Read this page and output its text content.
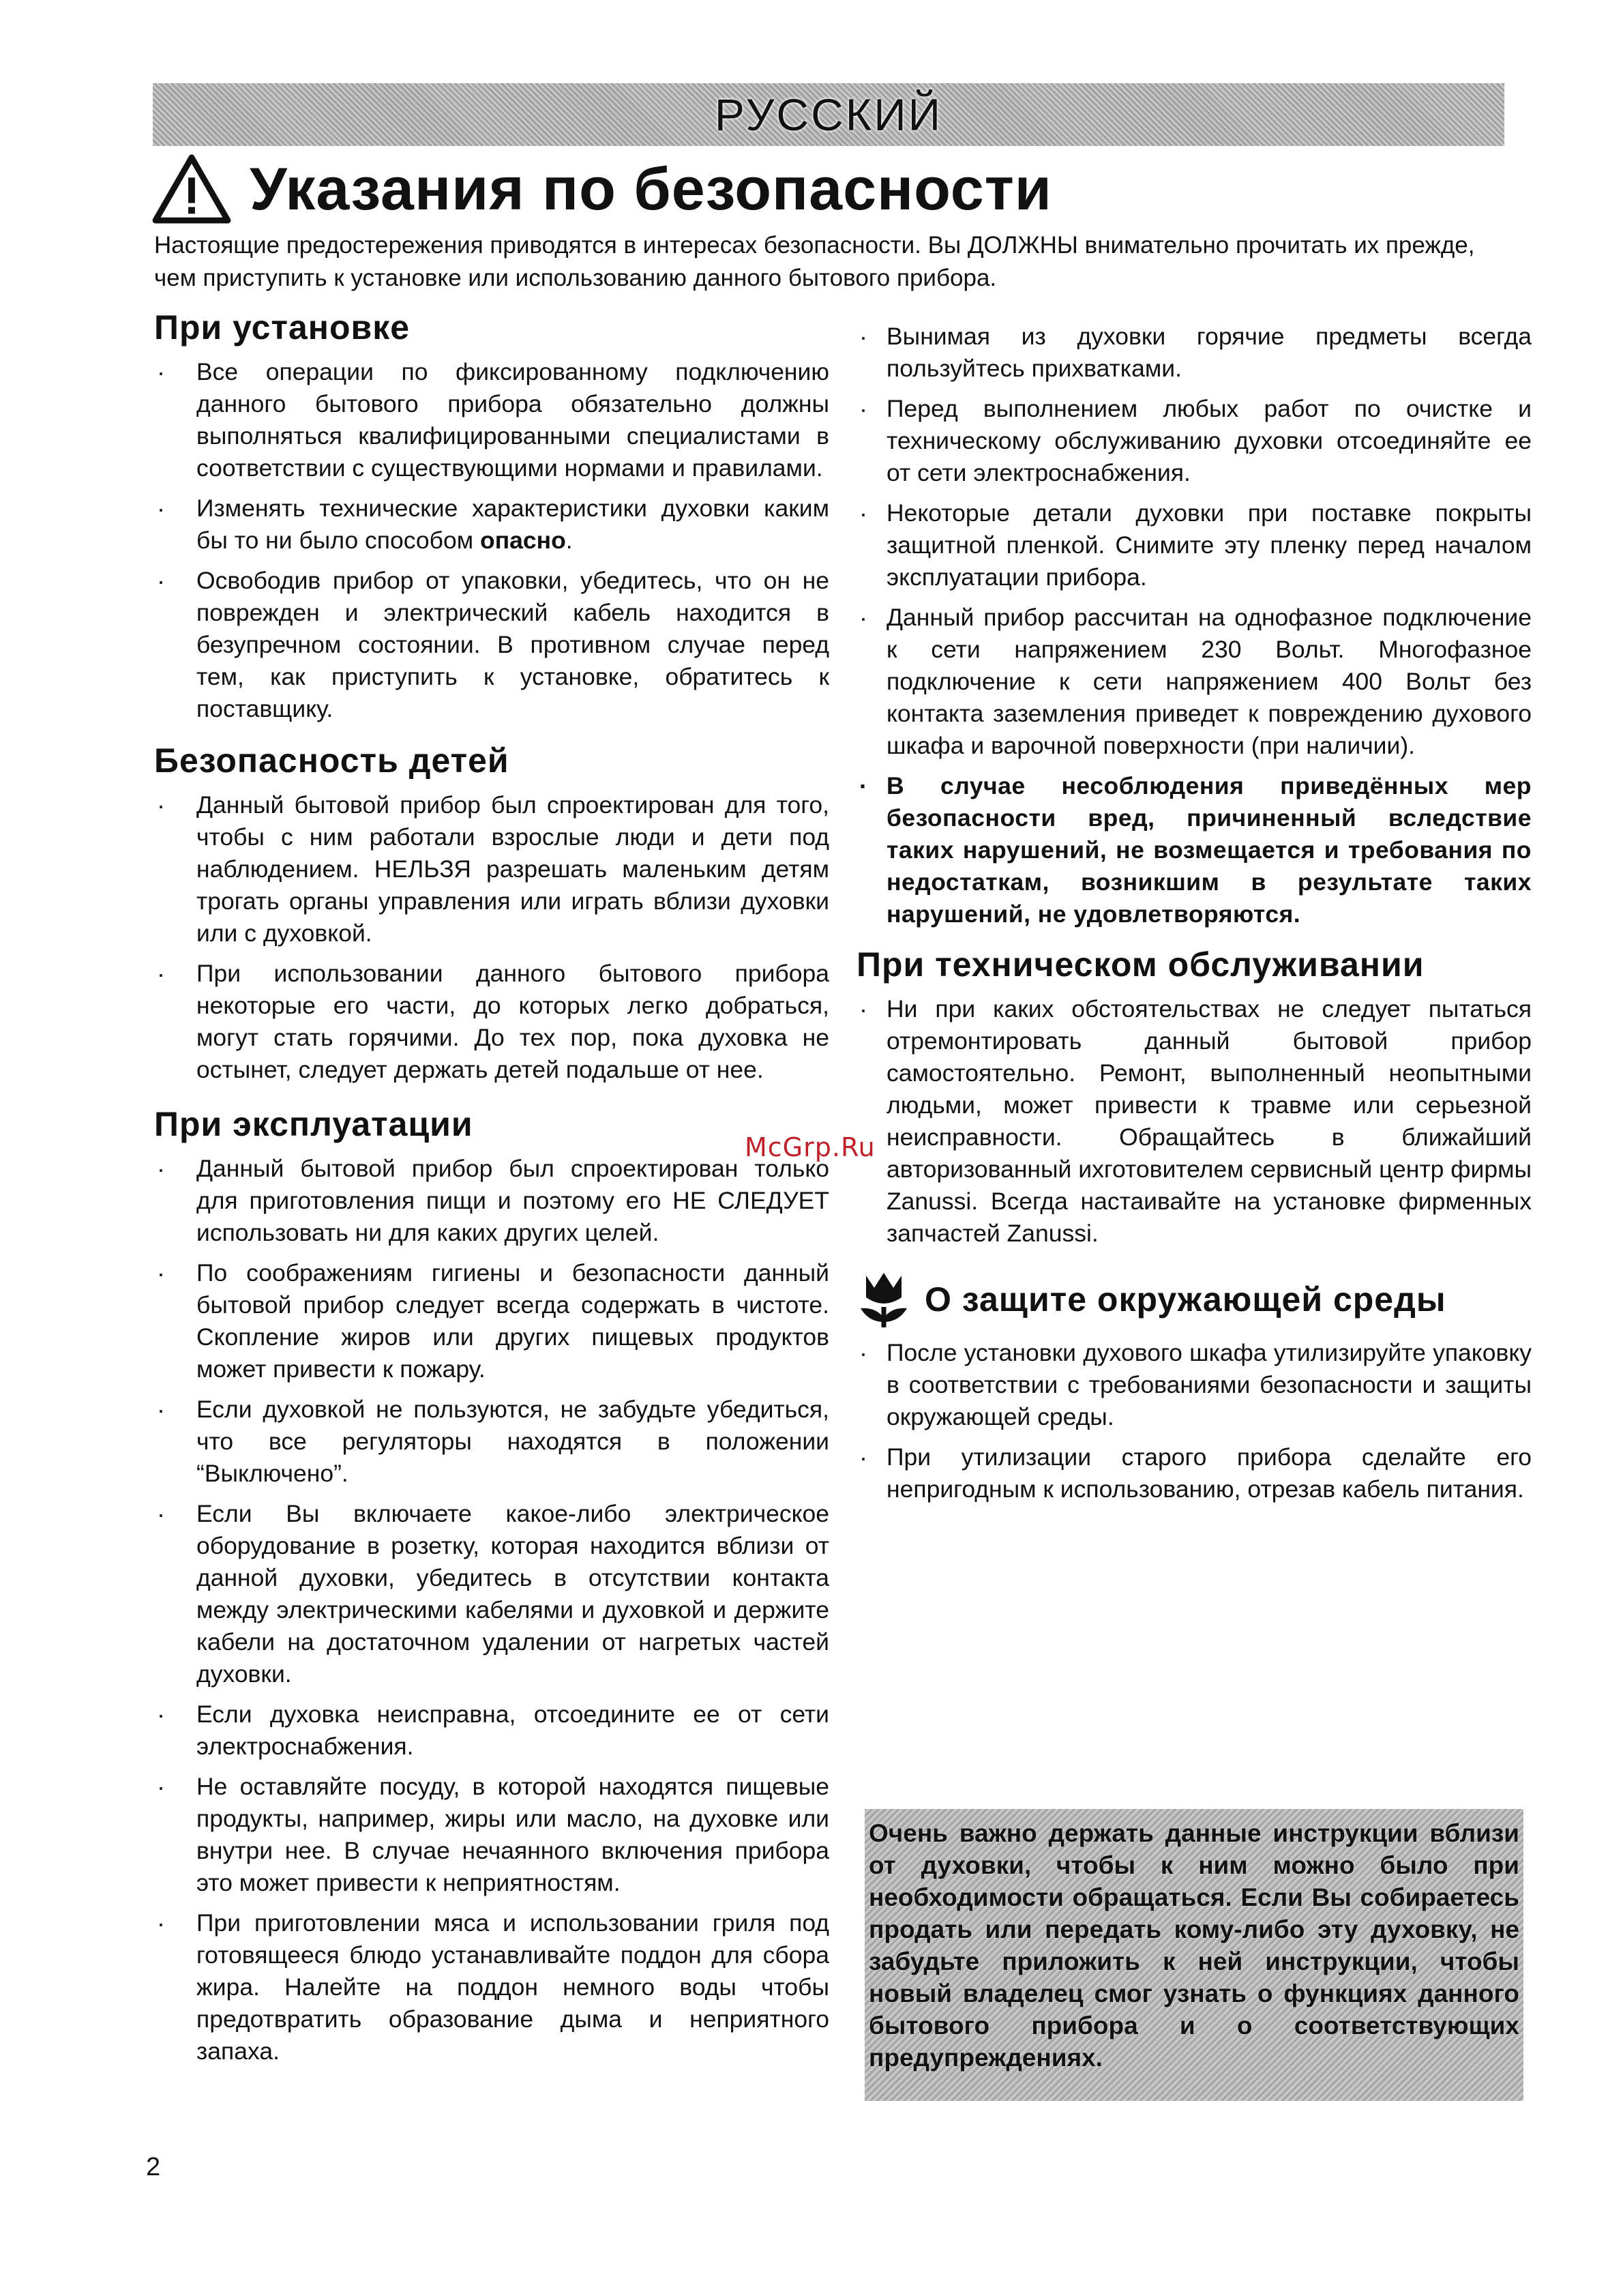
РУССКИЙ
Указания по безопасности

Настоящие предостережения приводятся в интересах безопасности. Вы ДОЛЖНЫ внимательно прочитать их прежде, чем приступить к установке или использованию данного бытового прибора.

При установке
· Все операции по фиксированному подключению данного бытового прибора обязательно должны выполняться квалифицированными специалистами в соответствии с существующими нормами и правилами.
· Изменять технические характеристики духовки каким бы то ни было способом опасно.
· Освободив прибор от упаковки, убедитесь, что он не поврежден и электрический кабель находится в безупречном состоянии. В противном случае перед тем, как приступить к установке, обратитесь к поставщику.
Безопасность детей
· Данный бытовой прибор был спроектирован для того, чтобы с ним работали взрослые люди и дети под наблюдением. НЕЛЬЗЯ разрешать маленьким детям трогать органы управления или играть вблизи духовки или с духовкой.
· При использовании данного бытового прибора некоторые его части, до которых легко добраться, могут стать горячими. До тех пор, пока духовка не остынет, следует держать детей подальше от нее.
При эксплуатации
· Данный бытовой прибор был спроектирован только для приготовления пищи и поэтому его НЕ СЛЕДУЕТ использовать ни для каких других целей.
· По соображениям гигиены и безопасности данный бытовой прибор следует всегда содержать в чистоте. Скопление жиров или других пищевых продуктов может привести к пожару.
· Если духовкой не пользуются, не забудьте убедиться, что все регуляторы находятся в положении “Выключено”.
· Если Вы включаете какое-либо электрическое оборудование в розетку, которая находится вблизи от данной духовки, убедитесь в отсутствии контакта между электрическими кабелями и духовкой и держите кабели на достаточном удалении от нагретых частей духовки.
· Если духовка неисправна, отсоедините ее от сети электроснабжения.
· Не оставляйте посуду, в которой находятся пищевые продукты, например, жиры или масло, на духовке или внутри нее. В случае нечаянного включения прибора это может привести к неприятностям.
· При приготовлении мяса и использовании гриля под готовящееся блюдо устанавливайте поддон для сбора жира. Налейте на поддон немного воды чтобы предотвратить образование дыма и неприятного запаха.
· Вынимая из духовки горячие предметы всегда пользуйтесь прихватками.
· Перед выполнением любых работ по очистке и техническому обслуживанию духовки отсоединяйте ее от сети электроснабжения.
· Некоторые детали духовки при поставке покрыты защитной пленкой. Снимите эту пленку перед началом эксплуатации прибора.
· Данный прибор рассчитан на однофазное подключение к сети напряжением 230 Вольт. Многофазное подключение к сети напряжением 400 Вольт без контакта заземления приведет к повреждению духового шкафа и варочной поверхности (при наличии).
· В случае несоблюдения приведённых мер безопасности вред, причиненный вследствие таких нарушений, не возмещается и требования по недостаткам, возникшим в результате таких нарушений, не удовлетворяются.
При техническом обслуживании
· Ни при каких обстоятельствах не следует пытаться отремонтировать данный бытовой прибор самостоятельно. Ремонт, выполненный неопытными людьми, может привести к травме или серьезной неисправности. Обращайтесь в ближайший авторизованный ихготовителем сервисный центр фирмы Zanussi. Всегда настаивайте на установке фирменных запчастей Zanussi.
О защите окружающей среды
· После установки духового шкафа утилизируйте упаковку в соответствии с требованиями безопасности и защиты окружающей среды.
· При утилизации старого прибора сделайте его непригодным к использованию, отрезав кабель питания.

Очень важно держать данные инструкции вблизи от духовки, чтобы к ним можно было при необходимости обращаться. Если Вы собираетесь продать или передать кому-либо эту духовку, не забудьте приложить к ней инструкции, чтобы новый владелец смог узнать о функциях данного бытового прибора и о соответствующих предупреждениях.

McGrp.Ru
2
